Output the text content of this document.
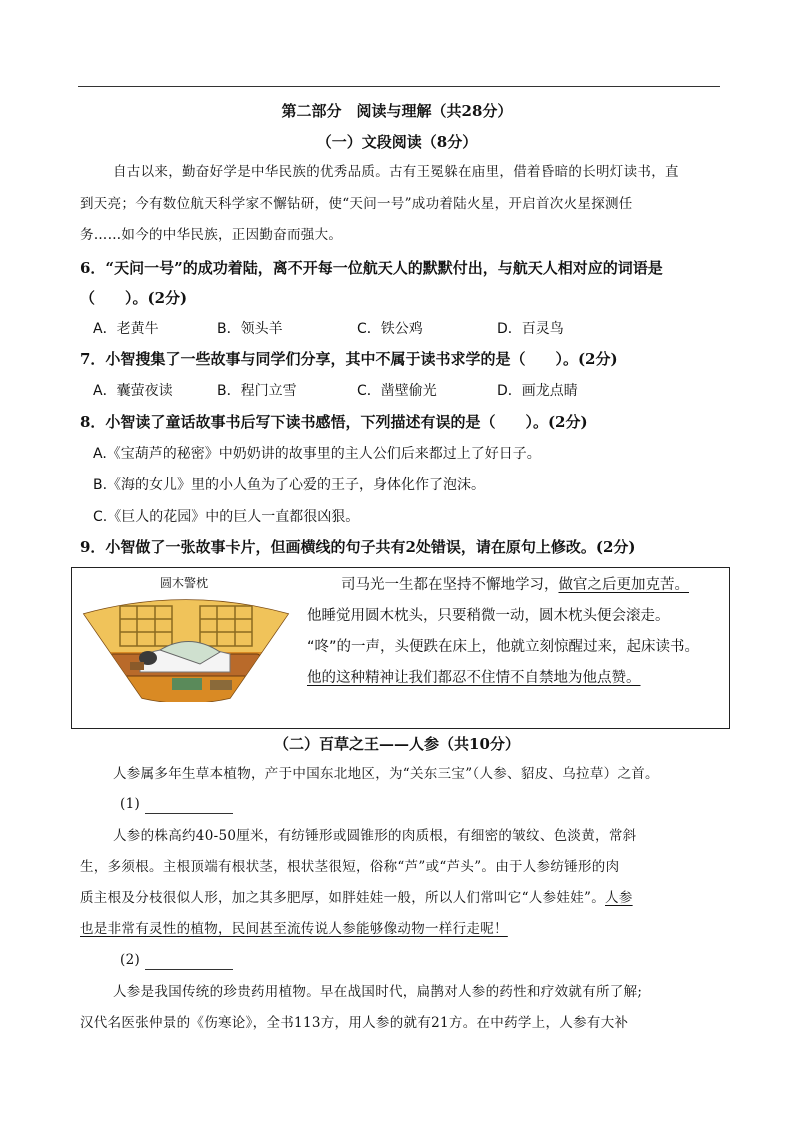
第二部分　阅读与理解（共28分）
（一）文段阅读（8分）
自古以来，勤奋好学是中华民族的优秀品质。古有王冕躲在庙里，借着昏暗的长明灯读书，直
到天亮；今有数位航天科学家不懈钻研，使“天问一号”成功着陆火星，开启首次火星探测任
务……如今的中华民族，正因勤奋而强大。
6．“天问一号”的成功着陆，离不开每一位航天人的默默付出，与航天人相对应的词语是
（　　）。(2分)
A．老黄牛	B．领头羊	C．铁公鸡	D．百灵鸟
7．小智搜集了一些故事与同学们分享，其中不属于读书求学的是（　　）。(2分)
A．囊萤夜读	B．程门立雪	C．凿壁偷光	D．画龙点睛
8．小智读了童话故事书后写下读书感悟，下列描述有误的是（　　）。(2分)
A.《宝葫芦的秘密》中奶奶讲的故事里的主人公们后来都过上了好日子。
B.《海的女儿》里的小人鱼为了心爱的王子，身体化作了泡沫。
C.《巨人的花园》中的巨人一直都很凶狠。
9．小智做了一张故事卡片，但画横线的句子共有2处错误，请在原句上修改。(2分)
圆木警枕	司马光一生都在坚持不懈地学习，做官之后更加克苦。
他睡觉用圆木枕头，只要稍微一动，圆木枕头便会滚走。
“咚”的一声，头便跌在床上，他就立刻惊醒过来，起床读书。
他的这种精神让我们都忍不住情不自禁地为他点赞。
（二）百草之王——人参（共10分）
人参属多年生草本植物，产于中国东北地区，为“关东三宝”（人参、貂皮、乌拉草）之首。
(1)
人参的株高约40-50厘米，有纺锤形或圆锥形的肉质根，有细密的皱纹、色淡黄，常斜
生，多须根。主根顶端有根状茎，根状茎很短，俗称“芦”或“芦头”。由于人参纺锤形的肉
质主根及分枝很似人形，加之其多肥厚，如胖娃娃一般，所以人们常叫它“人参娃娃”。人参
也是非常有灵性的植物，民间甚至流传说人参能够像动物一样行走呢！
(2)
人参是我国传统的珍贵药用植物。早在战国时代，扁鹊对人参的药性和疗效就有所了解;
汉代名医张仲景的《伤寒论》，全书113方，用人参的就有21方。在中药学上，人参有大补
